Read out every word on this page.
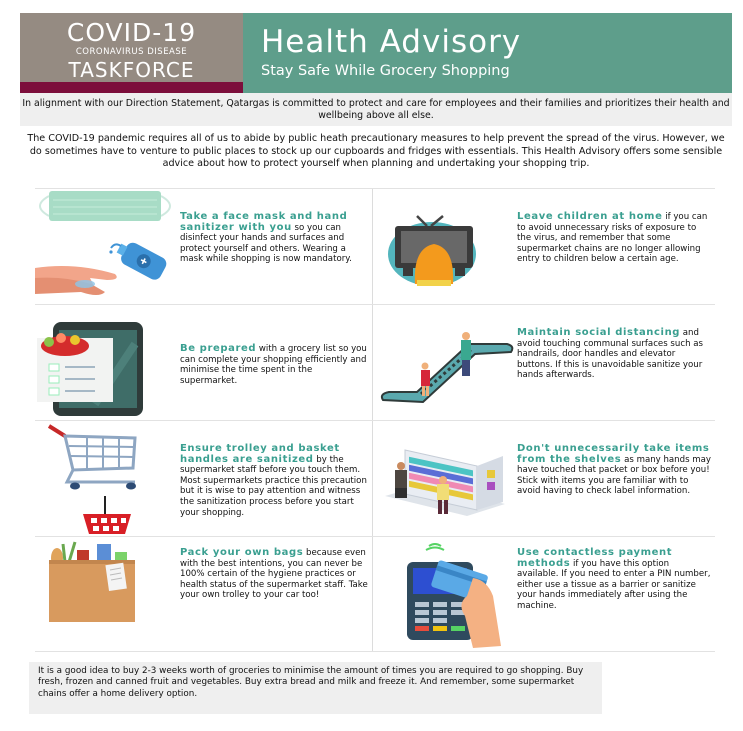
COVID-19
CORONAVIRUS DISEASE
TASKFORCE
Health Advisory
Stay Safe While Grocery Shopping
In alignment with our Direction Statement, Qatargas is committed to protect and care for employees and their families and prioritizes their health and wellbeing above all else.
The COVID-19 pandemic requires all of us to abide by public heath precautionary measures to help prevent the spread of the virus. However, we do sometimes have to venture to public places to stock up our cupboards and fridges with essentials. This Health Advisory offers some sensible advice about how to protect yourself when planning and undertaking your shopping trip.
Take a face mask and hand sanitizer with you so you can disinfect your hands and surfaces and protect yourself and others. Wearing a mask while shopping is now mandatory.
Leave children at home if you can to avoid unnecessary risks of exposure to the virus, and remember that some supermarket chains are no longer allowing entry to children below a certain age.
Be prepared with a grocery list so you can complete your shopping efficiently and minimise the time spent in the supermarket.
Maintain social distancing and avoid touching communal surfaces such as handrails, door handles and elevator buttons. If this is unavoidable sanitize your hands afterwards.
Ensure trolley and basket handles are sanitized by the supermarket staff before you touch them. Most supermarkets practice this precaution but it is wise to pay attention and witness the sanitization process before you start your shopping.
Don't unnecessarily take items from the shelves as many hands may have touched that packet or box before you! Stick with items you are familiar with to avoid having to check label information.
Pack your own bags because even with the best intentions, you can never be 100% certain of the hygiene practices or health status of the supermarket staff. Take your own trolley to your car too!
Use contactless payment methods if you have this option available. If you need to enter a PIN number, either use a tissue as a barrier or sanitize your hands immediately after using the machine.
It is a good idea to buy 2-3 weeks worth of groceries to minimise the amount of times you are required to go shopping. Buy fresh, frozen and canned fruit and vegetables. Buy extra bread and milk and freeze it. And remember, some supermarket chains offer a home delivery option.
